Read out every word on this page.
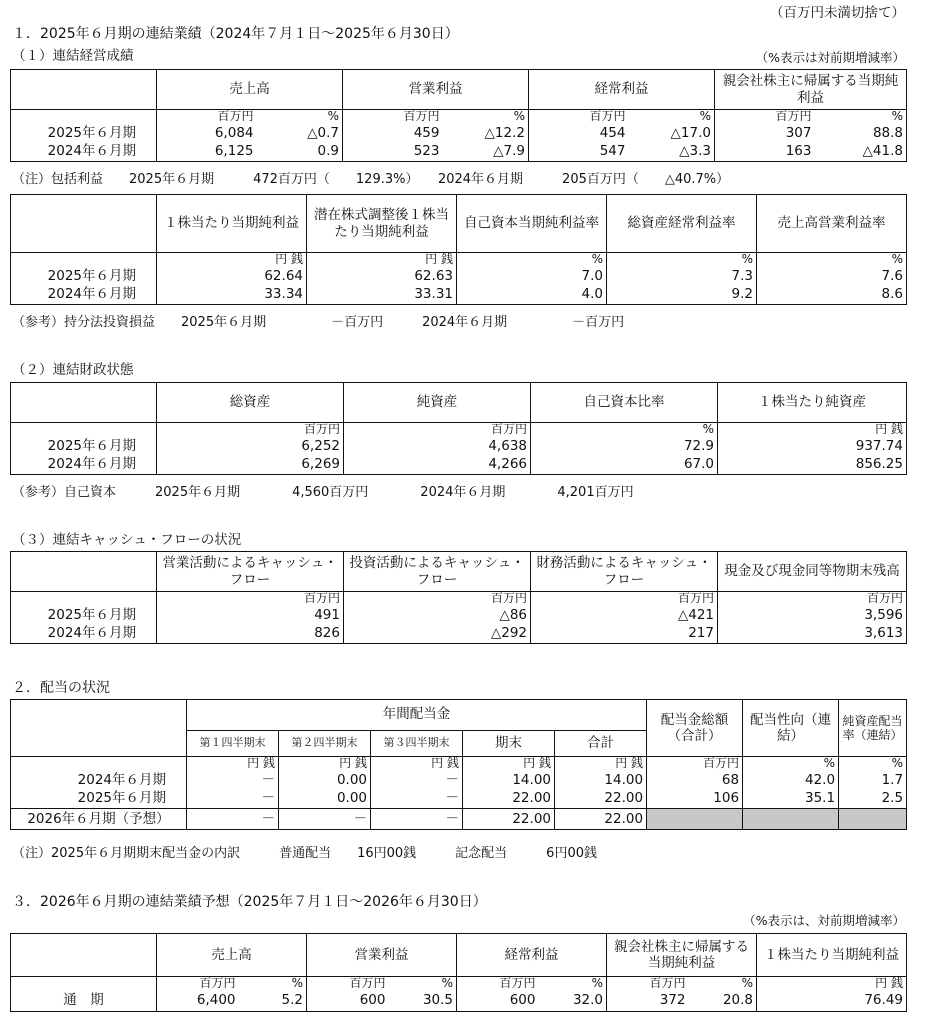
（百万円未満切捨て）
１．2025年６月期の連結業績（2024年７月１日～2025年６月30日）
（１）連結経営成績	（%表示は対前期増減率）
	売上高		営業利益		経常利益		親会社株主に帰属する当期純利益	
	百万円	%	百万円	%	百万円	%	百万円	%
2025年６月期	6,084	△0.7	459	△12.2	454	△17.0	307	88.8
2024年６月期	6,125	0.9	523	△7.9	547	△3.3	163	△41.8
（注）包括利益　　2025年６月期　　　472百万円（　　129.3%）　　2024年６月期　　　205百万円（　　△40.7%）
	１株当たり当期純利益	潜在株式調整後１株当たり当期純利益	自己資本当期純利益率	総資産経常利益率	売上高営業利益率
	円 銭	円 銭	%	%	%
2025年６月期	62.64	62.63	7.0	7.3	7.6
2024年６月期	33.34	33.31	4.0	9.2	8.6
（参考）持分法投資損益　　2025年６月期　　　　　－百万円　　　2024年６月期　　　　　－百万円
（２）連結財政状態
	総資産	純資産	自己資本比率	１株当たり純資産
	百万円	百万円	%	円 銭
2025年６月期	6,252	4,638	72.9	937.74
2024年６月期	6,269	4,266	67.0	856.25
（参考）自己資本　　　2025年６月期　　　　4,560百万円　　　　2024年６月期　　　　4,201百万円
（３）連結キャッシュ・フローの状況
	営業活動によるキャッシュ・フロー	投資活動によるキャッシュ・フロー	財務活動によるキャッシュ・フロー	現金及び現金同等物期末残高
	百万円	百万円	百万円	百万円
2025年６月期	491	△86	△421	3,596
2024年６月期	826	△292	217	3,613
２．配当の状況
	年間配当金					配当金総額（合計）	配当性向（連結）	純資産配当率（連結）
	第１四半期末	第２四半期末	第３四半期末	期末	合計			
	円 銭	円 銭	円 銭	円 銭	円 銭	百万円	%	%
2024年６月期	－	0.00	－	14.00	14.00	68	42.0	1.7
2025年６月期	－	0.00	－	22.00	22.00	106	35.1	2.5
2026年６月期（予想）	－	－	－	22.00	22.00			
（注）2025年６月期期末配当金の内訳　　　普通配当　　16円00銭　　　記念配当　　　6円00銭
３．2026年６月期の連結業績予想（2025年７月１日～2026年６月30日）
（%表示は、対前期増減率）
	売上高		営業利益		経常利益		親会社株主に帰属する当期純利益		１株当たり当期純利益
	百万円	%	百万円	%	百万円	%	百万円	%	円 銭
通　期	6,400	5.2	600	30.5	600	32.0	372	20.8	76.49
